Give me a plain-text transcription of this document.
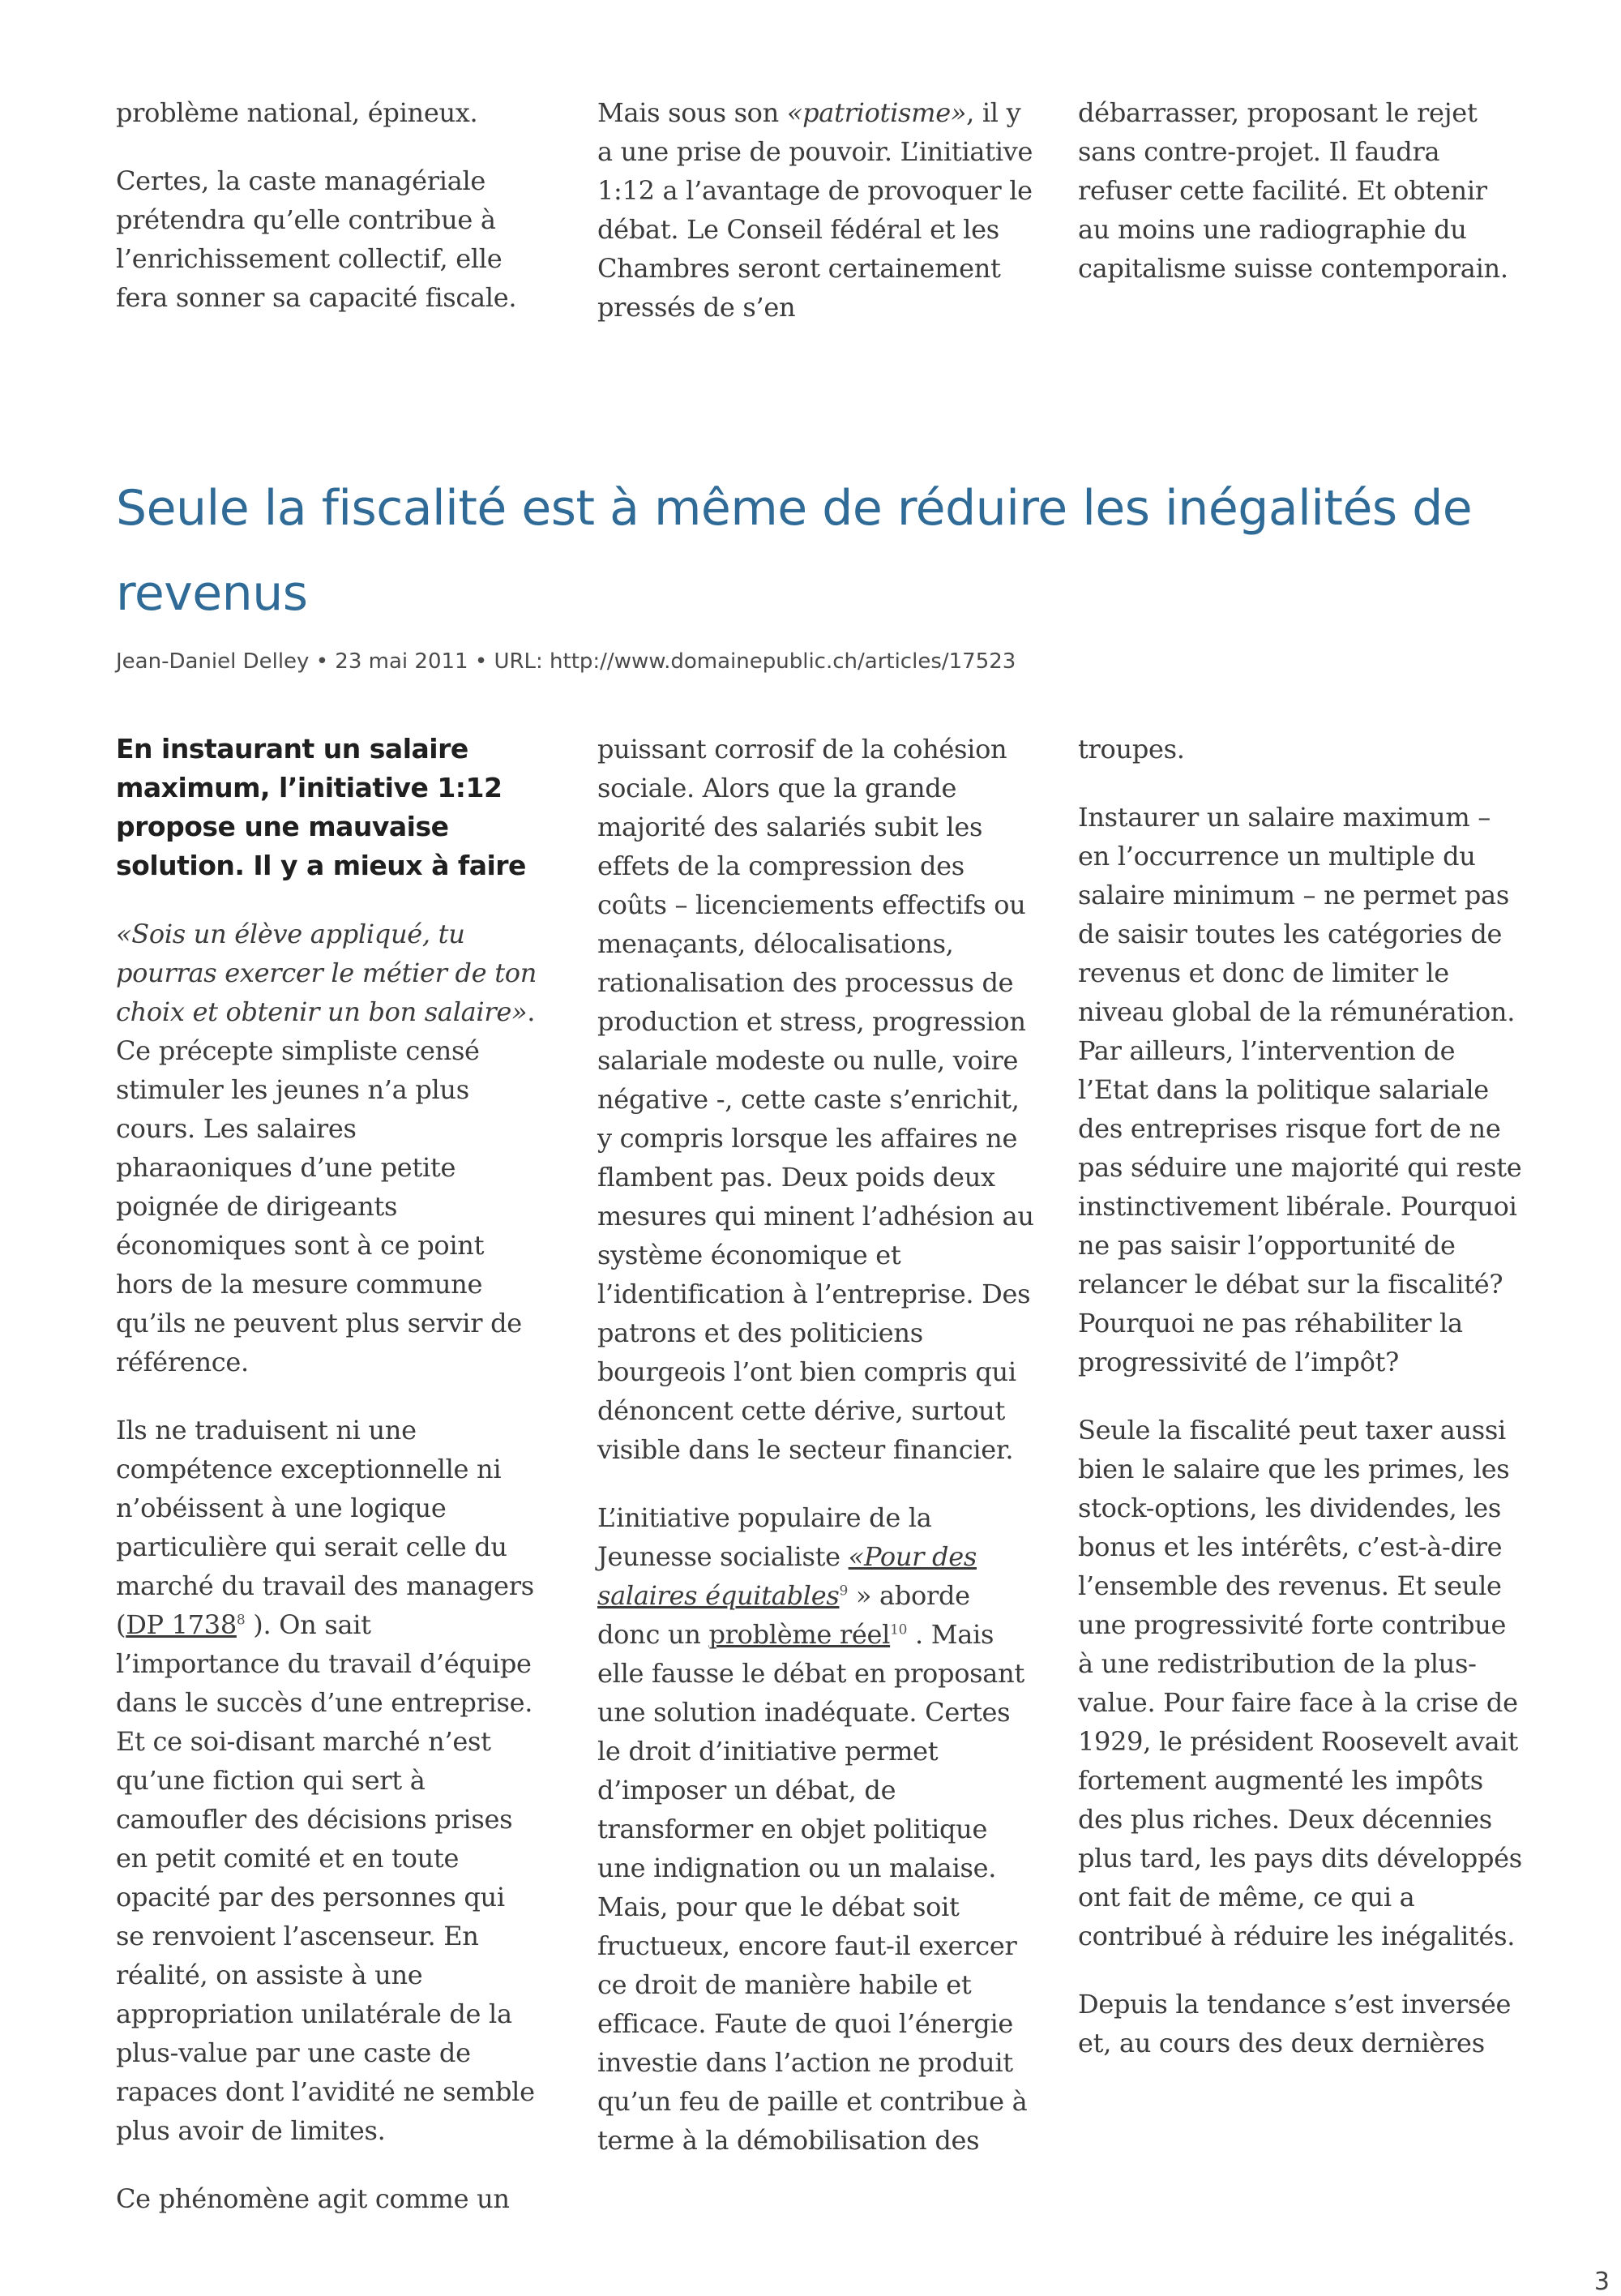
problème national, épineux.

Certes, la caste managériale prétendra qu’elle contribue à l’enrichissement collectif, elle fera sonner sa capacité fiscale.

Mais sous son «patriotisme», il y a une prise de pouvoir. L’initiative 1:12 a l’avantage de provoquer le débat. Le Conseil fédéral et les Chambres seront certainement pressés de s’en

débarrasser, proposant le rejet sans contre-projet. Il faudra refuser cette facilité. Et obtenir au moins une radiographie du capitalisme suisse contemporain.

Seule la fiscalité est à même de réduire les inégalités de revenus
Jean-Daniel Delley • 23 mai 2011 • URL: http://www.domainepublic.ch/articles/17523

En instaurant un salaire maximum, l’initiative 1:12 propose une mauvaise solution. Il y a mieux à faire

«Sois un élève appliqué, tu pourras exercer le métier de ton choix et obtenir un bon salaire». Ce précepte simpliste censé stimuler les jeunes n’a plus cours. Les salaires pharaoniques d’une petite poignée de dirigeants économiques sont à ce point hors de la mesure commune qu’ils ne peuvent plus servir de référence.

Ils ne traduisent ni une compétence exceptionnelle ni n’obéissent à une logique particulière qui serait celle du marché du travail des managers (DP 1738$^8$ ). On sait l’importance du travail d’équipe dans le succès d’une entreprise. Et ce soi-disant marché n’est qu’une fiction qui sert à camoufler des décisions prises en petit comité et en toute opacité par des personnes qui se renvoient l’ascenseur. En réalité, on assiste à une appropriation unilatérale de la plus-value par une caste de rapaces dont l’avidité ne semble plus avoir de limites.

Ce phénomène agit comme un

puissant corrosif de la cohésion sociale. Alors que la grande majorité des salariés subit les effets de la compression des coûts – licenciements effectifs ou menaçants, délocalisations, rationalisation des processus de production et stress, progression salariale modeste ou nulle, voire négative -, cette caste s’enrichit, y compris lorsque les affaires ne flambent pas. Deux poids deux mesures qui minent l’adhésion au système économique et l’identification à l’entreprise. Des patrons et des politiciens bourgeois l’ont bien compris qui dénoncent cette dérive, surtout visible dans le secteur financier.

L’initiative populaire de la Jeunesse socialiste «Pour des salaires équitables$^9$ » aborde donc un problème réel$^{10}$ . Mais elle fausse le débat en proposant une solution inadéquate. Certes le droit d’initiative permet d’imposer un débat, de transformer en objet politique une indignation ou un malaise. Mais, pour que le débat soit fructueux, encore faut-il exercer ce droit de manière habile et efficace. Faute de quoi l’énergie investie dans l’action ne produit qu’un feu de paille et contribue à terme à la démobilisation des

troupes.

Instaurer un salaire maximum – en l’occurrence un multiple du salaire minimum – ne permet pas de saisir toutes les catégories de revenus et donc de limiter le niveau global de la rémunération. Par ailleurs, l’intervention de l’Etat dans la politique salariale des entreprises risque fort de ne pas séduire une majorité qui reste instinctivement libérale. Pourquoi ne pas saisir l’opportunité de relancer le débat sur la fiscalité? Pourquoi ne pas réhabiliter la progressivité de l’impôt?

Seule la fiscalité peut taxer aussi bien le salaire que les primes, les stock-options, les dividendes, les bonus et les intérêts, c’est-à-dire l’ensemble des revenus. Et seule une progressivité forte contribue à une redistribution de la plus-value. Pour faire face à la crise de 1929, le président Roosevelt avait fortement augmenté les impôts des plus riches. Deux décennies plus tard, les pays dits développés ont fait de même, ce qui a contribué à réduire les inégalités.

Depuis la tendance s’est inversée et, au cours des deux dernières

3
